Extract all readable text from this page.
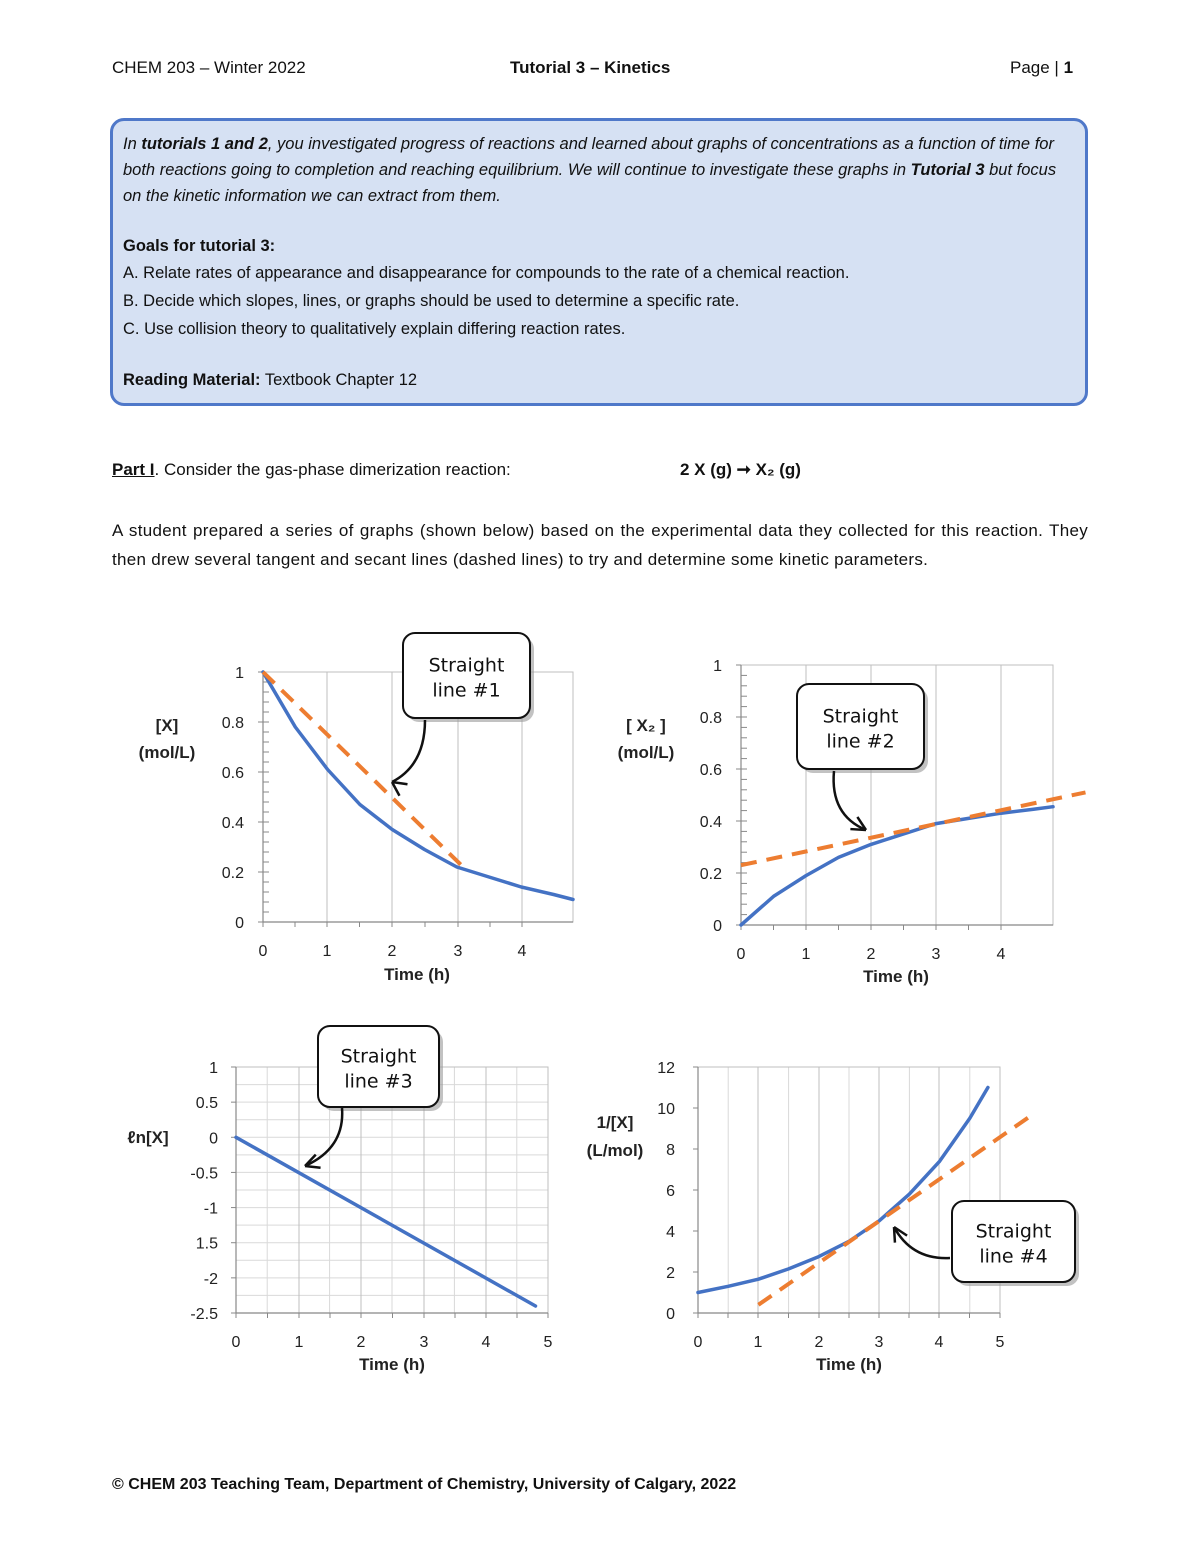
CHEM 203 – Winter 2022	Tutorial 3 – Kinetics	Page | 1

In tutorials 1 and 2, you investigated progress of reactions and learned about graphs of concentrations as a function of time for both reactions going to completion and reaching equilibrium. We will continue to investigate these graphs in Tutorial 3 but focus on the kinetic information we can extract from them.

Goals for tutorial 3:

A. Relate rates of appearance and disappearance for compounds to the rate of a chemical reaction.

B. Decide which slopes, lines, or graphs should be used to determine a specific rate.

C. Use collision theory to qualitatively explain differing reaction rates.

Reading Material: Textbook Chapter 12

Part I. Consider the gas-phase dimerization reaction:	2 X (g) ➞ X₂ (g)
A student prepared a series of graphs (shown below) based on the experimental data they collected for this reaction. They then drew several tangent and secant lines (dashed lines) to try and determine some kinetic parameters.
0
0.2
0.4
0.6
0.8
1
0	1	2	3	4
[X]
(mol/L)
Time (h)
Straight
line #1
0
0.2
0.4
0.6
0.8
1
0	1	2	3	4
[ X₂ ]
(mol/L)
Time (h)
Straight
line #2
-2.5
-2
1.5
-1
-0.5
0
0.5
1
0	1	2	3	4	5
ℓn[X]
Time (h)
Straight
line #3
0
2
4
6
8
10
12
0	1	2	3	4	5
1/[X]
(L/mol)
Time (h)
Straight
line #4
© CHEM 203 Teaching Team, Department of Chemistry, University of Calgary, 2022
